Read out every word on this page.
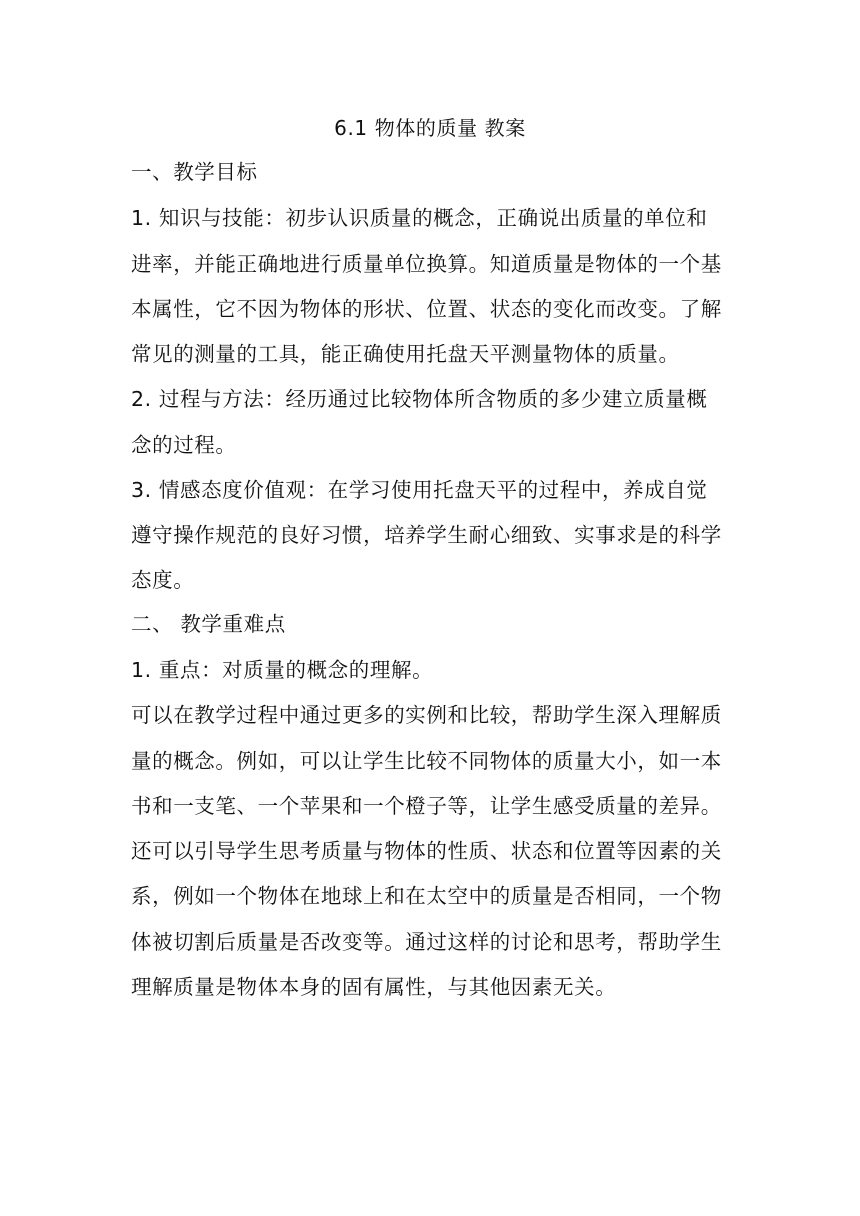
6.1 物体的质量 教案
一、教学目标
1. 知识与技能：初步认识质量的概念，正确说出质量的单位和
进率，并能正确地进行质量单位换算。知道质量是物体的一个基
本属性，它不因为物体的形状、位置、状态的变化而改变。了解
常见的测量的工具，能正确使用托盘天平测量物体的质量。
2. 过程与方法：经历通过比较物体所含物质的多少建立质量概
念的过程。
3. 情感态度价值观：在学习使用托盘天平的过程中，养成自觉
遵守操作规范的良好习惯，培养学生耐心细致、实事求是的科学
态度。
二、 教学重难点
1. 重点：对质量的概念的理解。
可以在教学过程中通过更多的实例和比较，帮助学生深入理解质
量的概念。例如，可以让学生比较不同物体的质量大小，如一本
书和一支笔、一个苹果和一个橙子等，让学生感受质量的差异。
还可以引导学生思考质量与物体的性质、状态和位置等因素的关
系，例如一个物体在地球上和在太空中的质量是否相同，一个物
体被切割后质量是否改变等。通过这样的讨论和思考，帮助学生
理解质量是物体本身的固有属性，与其他因素无关。
